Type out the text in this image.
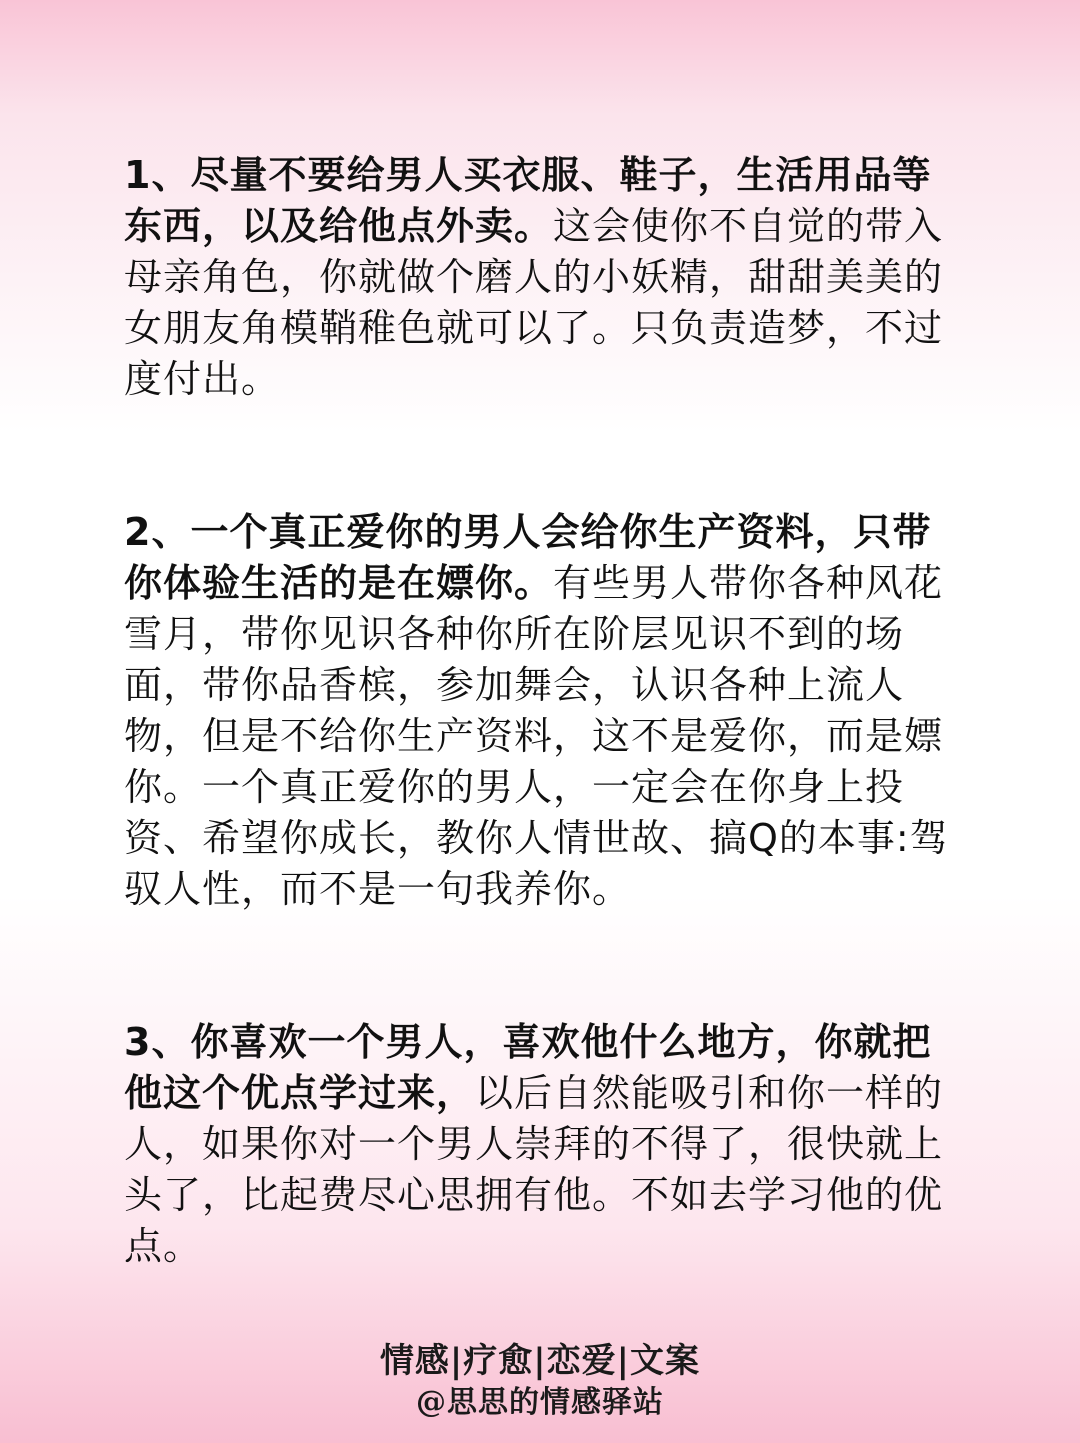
1、尽量不要给男人买衣服、鞋子，生活用品等东西，以及给他点外卖。这会使你不自觉的带入母亲角色，你就做个磨人的小妖精，甜甜美美的女朋友角模鞘稚色就可以了。只负责造梦，不过度付出。

2、一个真正爱你的男人会给你生产资料，只带你体验生活的是在嫖你。有些男人带你各种风花雪月，带你见识各种你所在阶层见识不到的场面，带你品香槟，参加舞会，认识各种上流人物，但是不给你生产资料，这不是爱你，而是嫖你。一个真正爱你的男人，一定会在你身上投资、希望你成长，教你人情世故、搞Q的本事:驾驭人性，而不是一句我养你。

3、你喜欢一个男人，喜欢他什么地方，你就把他这个优点学过来，以后自然能吸引和你一样的人，如果你对一个男人崇拜的不得了，很快就上头了，比起费尽心思拥有他。不如去学习他的优点。

情感|疗愈|恋爱|文案
@思思的情感驿站
